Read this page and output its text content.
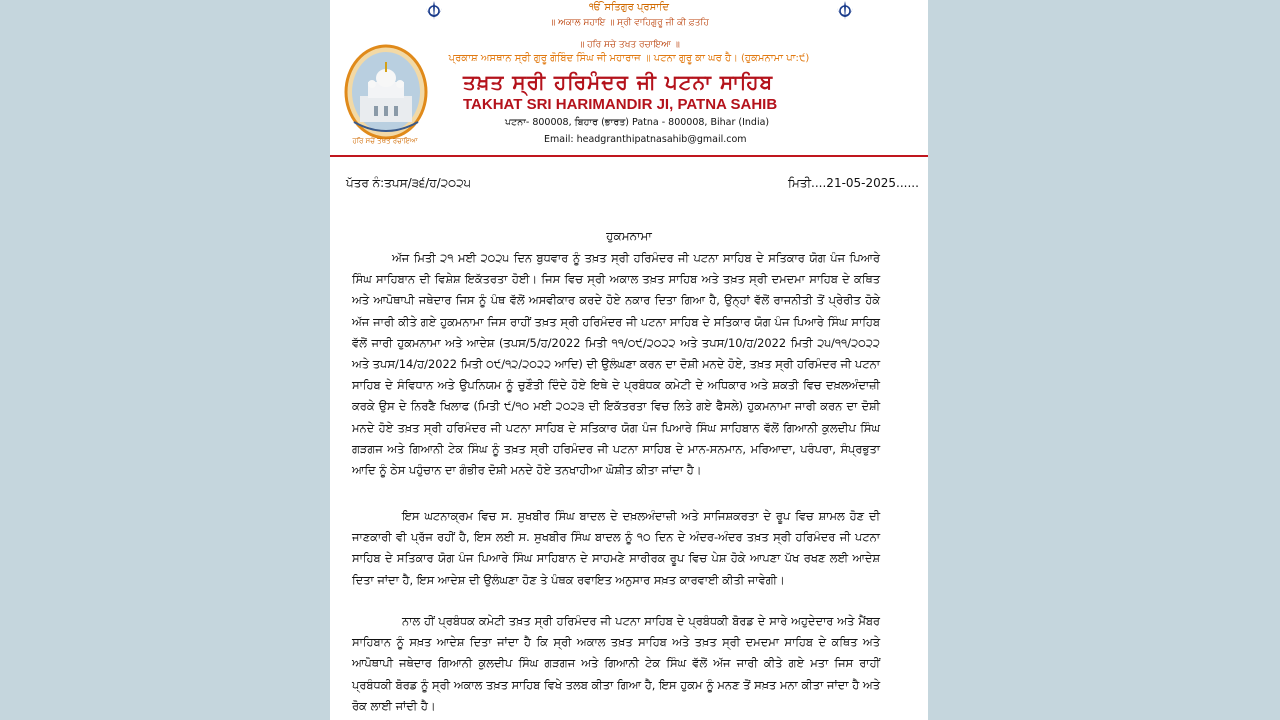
ੴ ਸਤਿਗੁਰ ਪ੍ਰਸਾਦਿ
॥ ਅਕਾਲ ਸਹਾਇ ॥ ਸ੍ਰੀ ਵਾਹਿਗੁਰੂ ਜੀ ਕੀ ਫ਼ਤਹਿ
॥ ਹਰਿ ਸਚੇ ਤਖਤ ਰਚਾਇਆ ॥
ਪ੍ਰਕਾਸ਼ ਅਸਥਾਨ ਸ੍ਰੀ ਗੁਰੂ ਗੋਬਿੰਦ ਸਿੰਘ ਜੀ ਮਹਾਰਾਜ ॥ ਪਟਨਾ ਗੁਰੂ ਕਾ ਘਰ ਹੈ। (ਹੁਕਮਨਾਮਾ ਪਾ:੯)
ਹਰਿ ਸਚੇ ਤਖਤ ਰਚਾਇਆ
ਤਖ਼ਤ ਸ੍ਰੀ ਹਰਿਮੰਦਰ ਜੀ ਪਟਨਾ ਸਾਹਿਬ
TAKHAT SRI HARIMANDIR JI, PATNA SAHIB
ਪਟਨਾ- 800008, ਬਿਹਾਰ (ਭਾਰਤ) Patna - 800008, Bihar (India)
Email: headgranthipatnasahib@gmail.com
ਪੱਤਰ ਨੰ:ਤਪਸ/੩੬/ਹ/੨੦੨੫	ਮਿਤੀ....21-05-2025......
ਹੁਕਮਨਾਮਾ

ਅੱਜ ਮਿਤੀ ੨੧ ਮਈ ੨੦੨੫ ਦਿਨ ਬੁਧਵਾਰ ਨੂੰ ਤਖ਼ਤ ਸ੍ਰੀ ਹਰਿਮੰਦਰ ਜੀ ਪਟਨਾ ਸਾਹਿਬ ਦੇ ਸਤਿਕਾਰ ਯੋਗ ਪੰਜ ਪਿਆਰੇ ਸਿੰਘ ਸਾਹਿਬਾਨ ਦੀ ਵਿਸ਼ੇਸ਼ ਇਕੱਤਰਤਾ ਹੋਈ। ਜਿਸ ਵਿਚ ਸ੍ਰੀ ਅਕਾਲ ਤਖ਼ਤ ਸਾਹਿਬ ਅਤੇ ਤਖ਼ਤ ਸ੍ਰੀ ਦਮਦਮਾ ਸਾਹਿਬ ਦੇ ਕਥਿਤ ਅਤੇ ਆਪੋਥਾਪੀ ਜਥੇਦਾਰ ਜਿਸ ਨੂੰ ਪੰਥ ਵੱਲੋਂ ਅਸਵੀਕਾਰ ਕਰਦੇ ਹੋਏ ਨਕਾਰ ਦਿਤਾ ਗਿਆ ਹੈ, ਉਨ੍ਹਾਂ ਵੱਲੋਂ ਰਾਜਨੀਤੀ ਤੋਂ ਪ੍ਰੇਰੀਤ ਹੋਕੇ ਅੱਜ ਜਾਰੀ ਕੀਤੇ ਗਏ ਹੁਕਮਨਾਮਾ ਜਿਸ ਰਾਹੀਂ ਤਖ਼ਤ ਸ੍ਰੀ ਹਰਿਮੰਦਰ ਜੀ ਪਟਨਾ ਸਾਹਿਬ ਦੇ ਸਤਿਕਾਰ ਯੋਗ ਪੰਜ ਪਿਆਰੇ ਸਿੰਘ ਸਾਹਿਬ ਵੱਲੋਂ ਜਾਰੀ ਹੁਕਮਨਾਮਾ ਅਤੇ ਆਦੇਸ਼ (ਤਪਸ/5/ਹ/2022 ਮਿਤੀ ੧੧/੦੯/੨੦੨੨ ਅਤੇ ਤਪਸ/10/ਹ/2022 ਮਿਤੀ ੨੫/੧੧/੨੦੨੨ ਅਤੇ ਤਪਸ/14/ਹ/2022 ਮਿਤੀ ੦੯/੧੨/੨੦੨੨ ਆਦਿ) ਦੀ ਉਲੰਘਣਾ ਕਰਨ ਦਾ ਦੋਸ਼ੀ ਮਨਦੇ ਹੋਏ, ਤਖ਼ਤ ਸ੍ਰੀ ਹਰਿਮੰਦਰ ਜੀ ਪਟਨਾ ਸਾਹਿਬ ਦੇ ਸੰਵਿਧਾਨ ਅਤੇ ਉਪਨਿਯਮ ਨੂੰ ਚੁਣੌਤੀ ਦਿੰਦੇ ਹੋਏ ਇਥੇ ਦੇ ਪ੍ਰਬੰਧਕ ਕਮੇਟੀ ਦੇ ਅਧਿਕਾਰ ਅਤੇ ਸ਼ਕਤੀ ਵਿਚ ਦਖ਼ਲਅੰਦਾਜ਼ੀ ਕਰਕੇ ਉਸ ਦੇ ਨਿਰਣੈ ਖਿਲਾਫ (ਮਿਤੀ ੯/੧੦ ਮਈ ੨੦੨੩ ਦੀ ਇਕੱਤਰਤਾ ਵਿਚ ਲਿਤੇ ਗਏ ਫੈਸਲੇ) ਹੁਕਮਨਾਮਾ ਜਾਰੀ ਕਰਨ ਦਾ ਦੋਸ਼ੀ ਮਨਦੇ ਹੋਏ ਤਖ਼ਤ ਸ੍ਰੀ ਹਰਿਮੰਦਰ ਜੀ ਪਟਨਾ ਸਾਹਿਬ ਦੇ ਸਤਿਕਾਰ ਯੋਗ ਪੰਜ ਪਿਆਰੇ ਸਿੰਘ ਸਾਹਿਬਾਨ ਵੱਲੋਂ ਗਿਆਨੀ ਕੁਲਦੀਪ ਸਿੰਘ ਗੜਗਜ ਅਤੇ ਗਿਆਨੀ ਟੇਕ ਸਿੰਘ ਨੂੰ ਤਖ਼ਤ ਸ੍ਰੀ ਹਰਿਮੰਦਰ ਜੀ ਪਟਨਾ ਸਾਹਿਬ ਦੇ ਮਾਨ-ਸਨਮਾਨ, ਮਰਿਆਦਾ, ਪਰੰਪਰਾ, ਸੰਪ੍ਰਭੁਤਾ ਆਦਿ ਨੂੰ ਠੇਸ ਪਹੁੰਚਾਨ ਦਾ ਗੰਭੀਰ ਦੋਸ਼ੀ ਮਨਦੇ ਹੋਏ ਤਨਖਾਹੀਆ ਘੋਸ਼ੀਤ ਕੀਤਾ ਜਾਂਦਾ ਹੈ।

ਇਸ ਘਟਨਾਕ੍ਰਮ ਵਿਚ ਸ. ਸੁਖਬੀਰ ਸਿੰਘ ਬਾਦਲ ਦੇ ਦਖ਼ਲਅੰਦਾਜ਼ੀ ਅਤੇ ਸਾਜਿਸ਼ਕਰਤਾ ਦੇ ਰੂਪ ਵਿਚ ਸ਼ਾਮਲ ਹੋਣ ਦੀ ਜਾਣਕਾਰੀ ਵੀ ਪ੍ਰੱਜ ਰਹੀਂ ਹੈ, ਇਸ ਲਈ ਸ. ਸੁਖਬੀਰ ਸਿੰਘ ਬਾਦਲ ਨੂੰ ੧੦ ਦਿਨ ਦੇ ਅੰਦਰ-ਅੰਦਰ ਤਖ਼ਤ ਸ੍ਰੀ ਹਰਿਮੰਦਰ ਜੀ ਪਟਨਾ ਸਾਹਿਬ ਦੇ ਸਤਿਕਾਰ ਯੋਗ ਪੰਜ ਪਿਆਰੇ ਸਿੰਘ ਸਾਹਿਬਾਨ ਦੇ ਸਾਹਮਣੇ ਸਾਰੀਰਕ ਰੂਪ ਵਿਚ ਪੇਸ਼ ਹੋਕੇ ਆਪਣਾ ਪੱਖ ਰਖਣ ਲਈ ਆਦੇਸ਼ ਦਿਤਾ ਜਾਂਦਾ ਹੈ, ਇਸ ਆਦੇਸ਼ ਦੀ ਉਲੰਘਣਾ ਹੋਣ ਤੇ ਪੰਥਕ ਰਵਾਇਤ ਅਨੁਸਾਰ ਸਖ਼ਤ ਕਾਰਵਾਈ ਕੀਤੀ ਜਾਵੇਗੀ।

ਨਾਲ ਹੀਂ ਪ੍ਰਬੰਧਕ ਕਮੇਟੀ ਤਖ਼ਤ ਸ੍ਰੀ ਹਰਿਮੰਦਰ ਜੀ ਪਟਨਾ ਸਾਹਿਬ ਦੇ ਪ੍ਰਬੰਧਕੀ ਬੋਰਡ ਦੇ ਸਾਰੇ ਅਹੁਦੇਦਾਰ ਅਤੇ ਮੈਂਬਰ ਸਾਹਿਬਾਨ ਨੂੰ ਸਖ਼ਤ ਆਦੇਸ਼ ਦਿਤਾ ਜਾਂਦਾ ਹੈ ਕਿ ਸ੍ਰੀ ਅਕਾਲ ਤਖ਼ਤ ਸਾਹਿਬ ਅਤੇ ਤਖ਼ਤ ਸ੍ਰੀ ਦਮਦਮਾ ਸਾਹਿਬ ਦੇ ਕਥਿਤ ਅਤੇ ਆਪੋਥਾਪੀ ਜਥੇਦਾਰ ਗਿਆਨੀ ਕੁਲਦੀਪ ਸਿੰਘ ਗੜਗਜ ਅਤੇ ਗਿਆਨੀ ਟੇਕ ਸਿੰਘ ਵੱਲੋਂ ਅੱਜ ਜਾਰੀ ਕੀਤੇ ਗਏ ਮਤਾ ਜਿਸ ਰਾਹੀਂ ਪ੍ਰਬੰਧਕੀ ਬੋਰਡ ਨੂੰ ਸ੍ਰੀ ਅਕਾਲ ਤਖ਼ਤ ਸਾਹਿਬ ਵਿਖੇ ਤਲਬ ਕੀਤਾ ਗਿਆ ਹੈ, ਇਸ ਹੁਕਮ ਨੂੰ ਮਨਣ ਤੋਂ ਸਖ਼ਤ ਮਨਾ ਕੀਤਾ ਜਾਂਦਾ ਹੈ ਅਤੇ ਰੋਕ ਲਾਈ ਜਾਂਦੀ ਹੈ।
